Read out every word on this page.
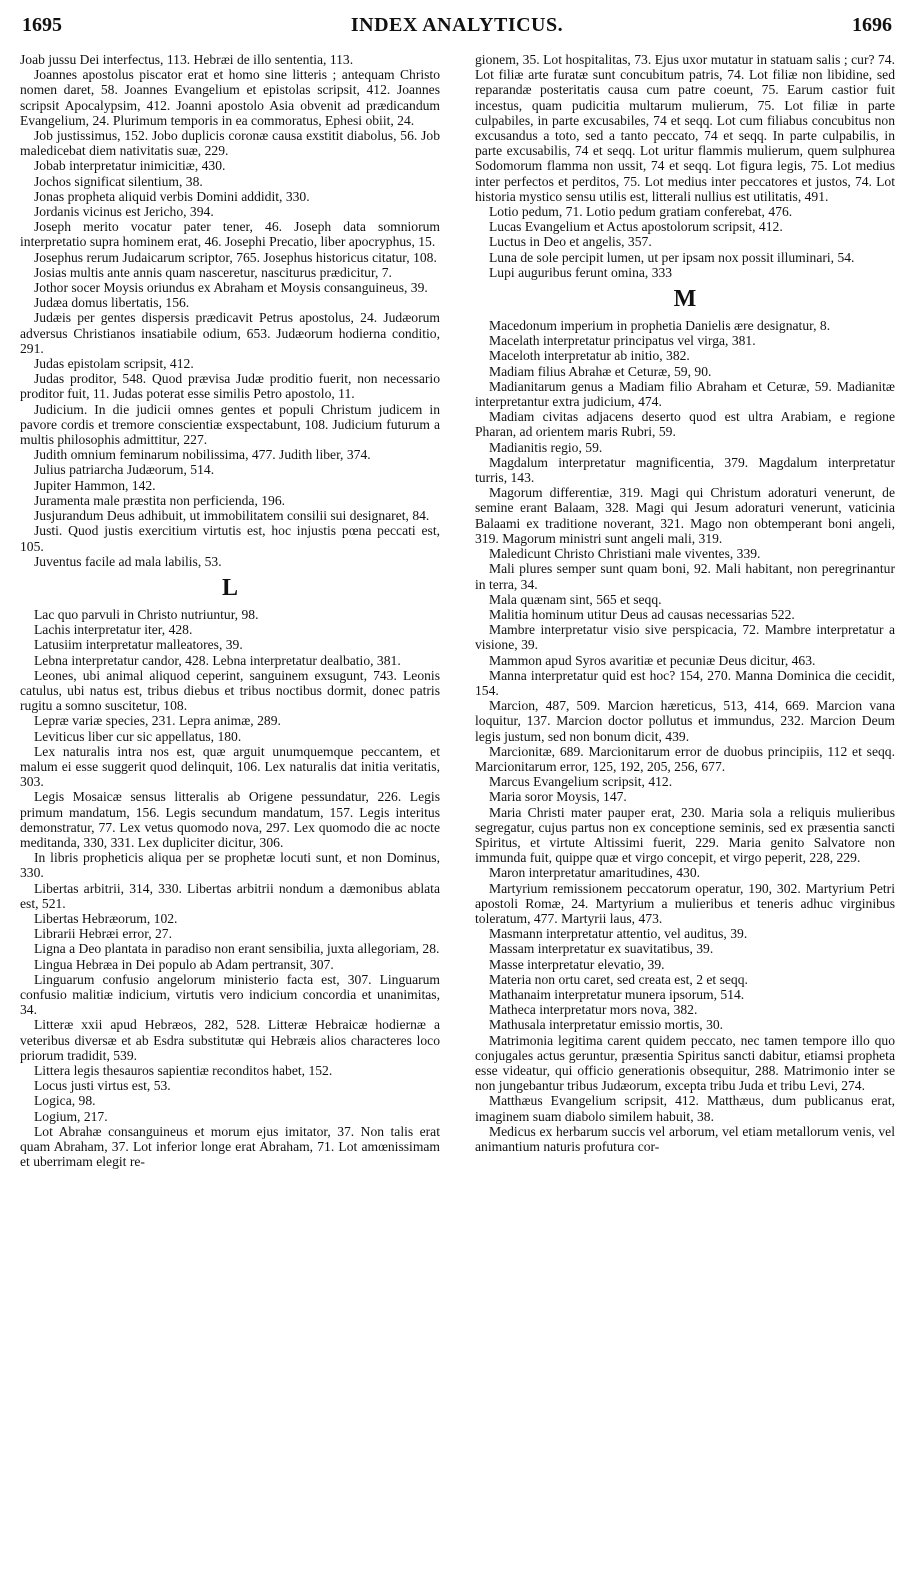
1695	INDEX ANALYTICUS.	1696
Joab jussu Dei interfectus, 113. Hebræi de illo sententia, 113.
Joannes apostolus piscator erat et homo sine litteris ; antequam Christo nomen daret, 58. Joannes Evangelium et epistolas scripsit, 412. Joannes scripsit Apocalypsim, 412. Joanni apostolo Asia obvenit ad prædicandum Evangelium, 24. Plurimum temporis in ea commoratus, Ephesi obiit, 24.
Job justissimus, 152. Jobo duplicis coronæ causa exstitit diabolus, 56. Job maledicebat diem nativitatis suæ, 229.
Jobab interpretatur inimicitiæ, 430.
Jochos significat silentium, 38.
Jonas propheta aliquid verbis Domini addidit, 330.
Jordanis vicinus est Jericho, 394.
Joseph merito vocatur pater tener, 46. Joseph data somniorum interpretatio supra hominem erat, 46. Josephi Precatio, liber apocryphus, 15.
Josephus rerum Judaicarum scriptor, 765. Josephus historicus citatur, 108.
Josias multis ante annis quam nasceretur, nasciturus prædicitur, 7.
Jothor socer Moysis oriundus ex Abraham et Moysis consanguineus, 39.
Judæa domus libertatis, 156.
Judæis per gentes dispersis prædicavit Petrus apostolus, 24. Judæorum adversus Christianos insatiabile odium, 653. Judæorum hodierna conditio, 291.
Judas epistolam scripsit, 412.
Judas proditor, 548. Quod prævisa Judæ proditio fuerit, non necessario proditor fuit, 11. Judas poterat esse similis Petro apostolo, 11.
Judicium. In die judicii omnes gentes et populi Christum judicem in pavore cordis et tremore conscientiæ exspectabunt, 108. Judicium futurum a multis philosophis admittitur, 227.
Judith omnium feminarum nobilissima, 477. Judith liber, 374.
Julius patriarcha Judæorum, 514.
Jupiter Hammon, 142.
Juramenta male præstita non perficienda, 196.
Jusjurandum Deus adhibuit, ut immobilitatem consilii sui designaret, 84.
Justi. Quod justis exercitium virtutis est, hoc injustis pœna peccati est, 105.
Juventus facile ad mala labilis, 53.
L
Lac quo parvuli in Christo nutriuntur, 98.
Lachis interpretatur iter, 428.
Latusiim interpretatur malleatores, 39.
Lebna interpretatur candor, 428. Lebna interpretatur dealbatio, 381.
Leones, ubi animal aliquod ceperint, sanguinem exsugunt, 743. Leonis catulus, ubi natus est, tribus diebus et tribus noctibus dormit, donec patris rugitu a somno suscitetur, 108.
Lepræ variæ species, 231. Lepra animæ, 289.
Leviticus liber cur sic appellatus, 180.
Lex naturalis intra nos est, quæ arguit unumquemque peccantem, et malum ei esse suggerit quod delinquit, 106. Lex naturalis dat initia veritatis, 303.
Legis Mosaicæ sensus litteralis ab Origene pessundatur, 226. Legis primum mandatum, 156. Legis secundum mandatum, 157. Legis interitus demonstratur, 77. Lex vetus quomodo nova, 297. Lex quomodo die ac nocte meditanda, 330, 331. Lex dupliciter dicitur, 306.
In libris propheticis aliqua per se prophetæ locuti sunt, et non Dominus, 330.
Libertas arbitrii, 314, 330. Libertas arbitrii nondum a dæmonibus ablata est, 521.
Libertas Hebræorum, 102.
Librarii Hebræi error, 27.
Ligna a Deo plantata in paradiso non erant sensibilia, juxta allegoriam, 28.
Lingua Hebræa in Dei populo ab Adam pertransit, 307.
Linguarum confusio angelorum ministerio facta est, 307. Linguarum confusio malitiæ indicium, virtutis vero indicium concordia et unanimitas, 34.
Litteræ xxii apud Hebræos, 282, 528. Litteræ Hebraicæ hodiernæ a veteribus diversæ et ab Esdra substitutæ qui Hebræis alios characteres loco priorum tradidit, 539.
Littera legis thesauros sapientiæ reconditos habet, 152.
Locus justi virtus est, 53.
Logica, 98.
Logium, 217.
Lot Abrahæ consanguineus et morum ejus imitator, 37. Non talis erat quam Abraham, 37. Lot inferior longe erat Abraham, 71. Lot amœnissimam et uberrimam elegit re-
gionem, 35. Lot hospitalitas, 73. Ejus uxor mutatur in statuam salis ; cur? 74. Lot filiæ arte furatæ sunt concubitum patris, 74. Lot filiæ non libidine, sed reparandæ posteritatis causa cum patre coeunt, 75. Earum castior fuit incestus, quam pudicitia multarum mulierum, 75. Lot filiæ in parte culpabiles, in parte excusabiles, 74 et seqq. Lot cum filiabus concubitus non excusandus a toto, sed a tanto peccato, 74 et seqq. In parte culpabilis, in parte excusabilis, 74 et seqq. Lot uritur flammis mulierum, quem sulphurea Sodomorum flamma non ussit, 74 et seqq. Lot figura legis, 75. Lot medius inter perfectos et perditos, 75. Lot medius inter peccatores et justos, 74. Lot historia mystico sensu utilis est, litterali nullius est utilitatis, 491.
Lotio pedum, 71. Lotio pedum gratiam conferebat, 476.
Lucas Evangelium et Actus apostolorum scripsit, 412.
Luctus in Deo et angelis, 357.
Luna de sole percipit lumen, ut per ipsam nox possit illuminari, 54.
Lupi auguribus ferunt omina, 333
M
Macedonum imperium in prophetia Danielis ære designatur, 8.
Macelath interpretatur principatus vel virga, 381.
Maceloth interpretatur ab initio, 382.
Madiam filius Abrahæ et Ceturæ, 59, 90.
Madianitarum genus a Madiam filio Abraham et Ceturæ, 59. Madianitæ interpretantur extra judicium, 474.
Madiam civitas adjacens deserto quod est ultra Arabiam, e regione Pharan, ad orientem maris Rubri, 59.
Madianitis regio, 59.
Magdalum interpretatur magnificentia, 379. Magdalum interpretatur turris, 143.
Magorum differentiæ, 319. Magi qui Christum adoraturi venerunt, de semine erant Balaam, 328. Magi qui Jesum adoraturi venerunt, vaticinia Balaami ex traditione noverant, 321. Mago non obtemperant boni angeli, 319. Magorum ministri sunt angeli mali, 319.
Maledicunt Christo Christiani male viventes, 339.
Mali plures semper sunt quam boni, 92. Mali habitant, non peregrinantur in terra, 34.
Mala quænam sint, 565 et seqq.
Malitia hominum utitur Deus ad causas necessarias 522.
Mambre interpretatur visio sive perspicacia, 72. Mambre interpretatur a visione, 39.
Mammon apud Syros avaritiæ et pecuniæ Deus dicitur, 463.
Manna interpretatur quid est hoc? 154, 270. Manna Dominica die cecidit, 154.
Marcion, 487, 509. Marcion hæreticus, 513, 414, 669. Marcion vana loquitur, 137. Marcion doctor pollutus et immundus, 232. Marcion Deum legis justum, sed non bonum dicit, 439.
Marcionitæ, 689. Marcionitarum error de duobus principiis, 112 et seqq. Marcionitarum error, 125, 192, 205, 256, 677.
Marcus Evangelium scripsit, 412.
Maria soror Moysis, 147.
Maria Christi mater pauper erat, 230. Maria sola a reliquis mulieribus segregatur, cujus partus non ex conceptione seminis, sed ex præsentia sancti Spiritus, et virtute Altissimi fuerit, 229. Maria genito Salvatore non immunda fuit, quippe quæ et virgo concepit, et virgo peperit, 228, 229.
Maron interpretatur amaritudines, 430.
Martyrium remissionem peccatorum operatur, 190, 302. Martyrium Petri apostoli Romæ, 24. Martyrium a mulieribus et teneris adhuc virginibus toleratum, 477. Martyrii laus, 473.
Masmann interpretatur attentio, vel auditus, 39.
Massam interpretatur ex suavitatibus, 39.
Masse interpretatur elevatio, 39.
Materia non ortu caret, sed creata est, 2 et seqq.
Mathanaim interpretatur munera ipsorum, 514.
Matheca interpretatur mors nova, 382.
Mathusala interpretatur emissio mortis, 30.
Matrimonia legitima carent quidem peccato, nec tamen tempore illo quo conjugales actus geruntur, præsentia Spiritus sancti dabitur, etiamsi propheta esse videatur, qui officio generationis obsequitur, 288. Matrimonio inter se non jungebantur tribus Judæorum, excepta tribu Juda et tribu Levi, 274.
Matthæus Evangelium scripsit, 412. Matthæus, dum publicanus erat, imaginem suam diabolo similem habuit, 38.
Medicus ex herbarum succis vel arborum, vel etiam metallorum venis, vel animantium naturis profutura cor-
